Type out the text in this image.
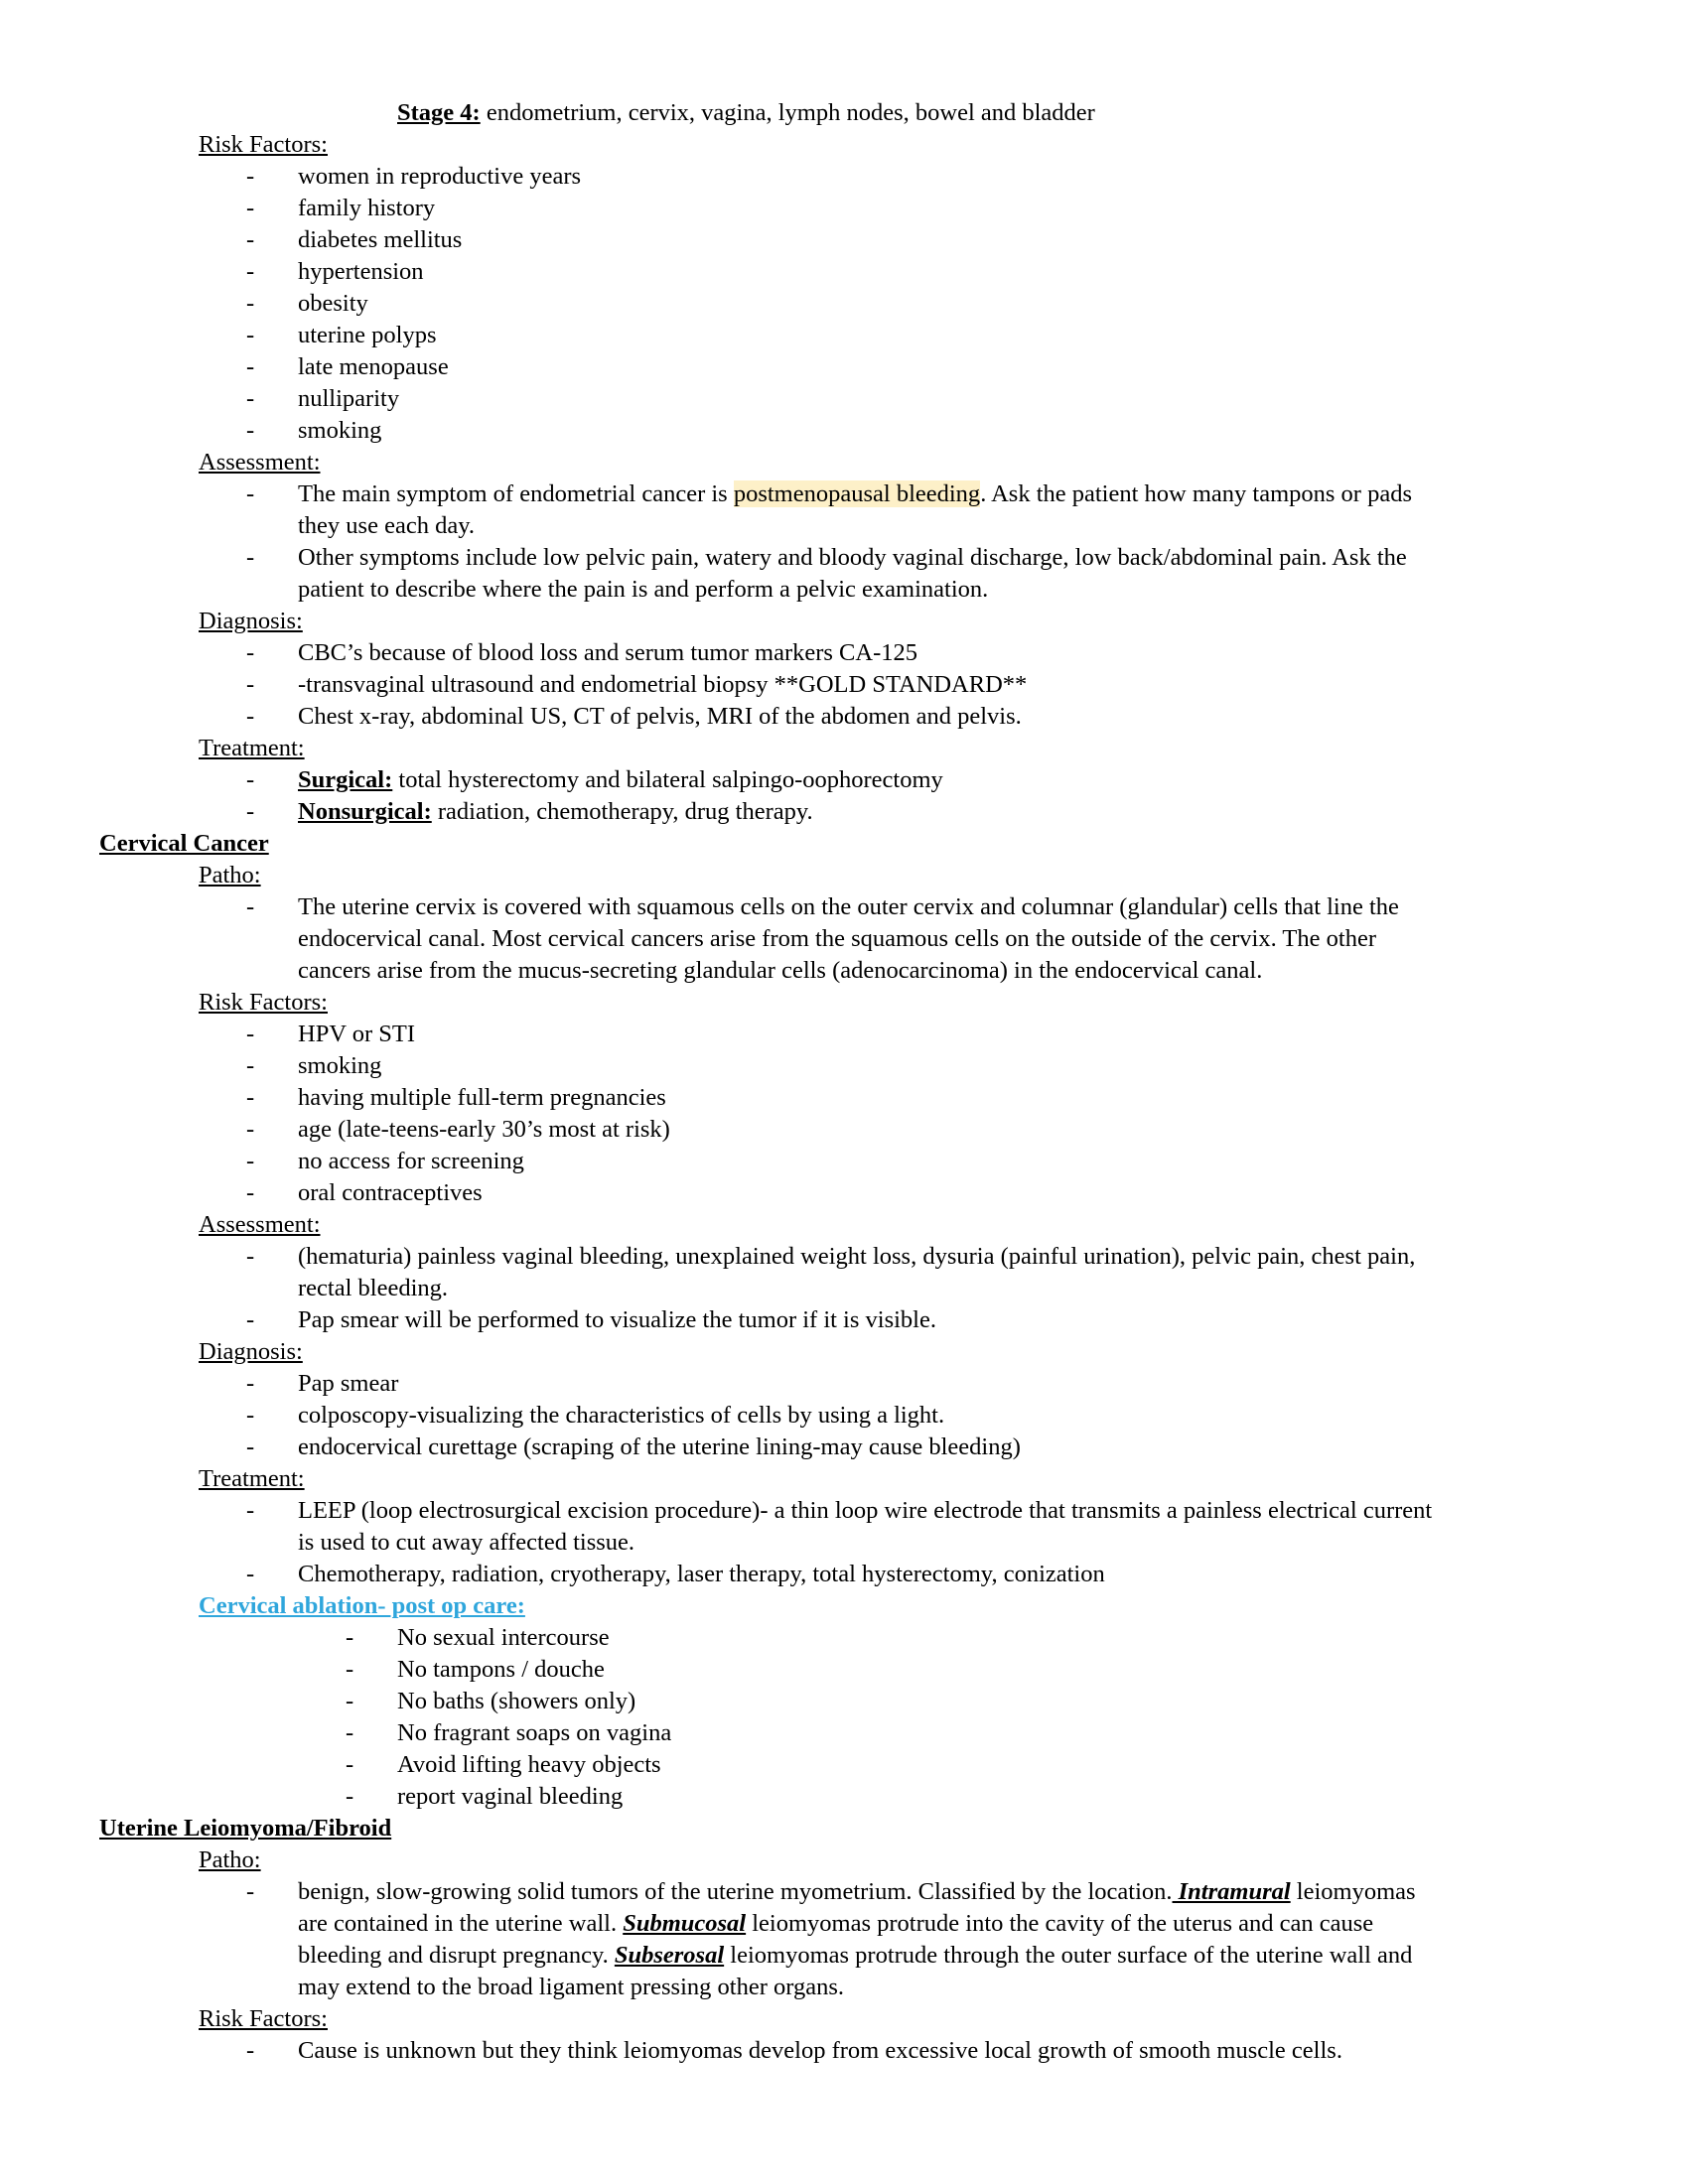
Stage 4: endometrium, cervix, vagina, lymph nodes, bowel and bladder
Risk Factors:
- women in reproductive years
- family history
- diabetes mellitus
- hypertension
- obesity
- uterine polyps
- late menopause
- nulliparity
- smoking
Assessment:
- The main symptom of endometrial cancer is postmenopausal bleeding. Ask the patient how many tampons or pads
they use each day.
- Other symptoms include low pelvic pain, watery and bloody vaginal discharge, low back/abdominal pain. Ask the
patient to describe where the pain is and perform a pelvic examination.
Diagnosis:
- CBC’s because of blood loss and serum tumor markers CA-125
- -transvaginal ultrasound and endometrial biopsy **GOLD STANDARD**
- Chest x-ray, abdominal US, CT of pelvis, MRI of the abdomen and pelvis.
Treatment:
- Surgical: total hysterectomy and bilateral salpingo-oophorectomy
- Nonsurgical: radiation, chemotherapy, drug therapy.
Cervical Cancer
Patho:
- The uterine cervix is covered with squamous cells on the outer cervix and columnar (glandular) cells that line the
endocervical canal. Most cervical cancers arise from the squamous cells on the outside of the cervix. The other
cancers arise from the mucus-secreting glandular cells (adenocarcinoma) in the endocervical canal.
Risk Factors:
- HPV or STI
- smoking
- having multiple full-term pregnancies
- age (late-teens-early 30’s most at risk)
- no access for screening
- oral contraceptives
Assessment:
- (hematuria) painless vaginal bleeding, unexplained weight loss, dysuria (painful urination), pelvic pain, chest pain,
rectal bleeding.
- Pap smear will be performed to visualize the tumor if it is visible.
Diagnosis:
- Pap smear
- colposcopy-visualizing the characteristics of cells by using a light.
- endocervical curettage (scraping of the uterine lining-may cause bleeding)
Treatment:
- LEEP (loop electrosurgical excision procedure)- a thin loop wire electrode that transmits a painless electrical current
is used to cut away affected tissue.
- Chemotherapy, radiation, cryotherapy, laser therapy, total hysterectomy, conization
Cervical ablation- post op care:
- No sexual intercourse
- No tampons / douche
- No baths (showers only)
- No fragrant soaps on vagina
- Avoid lifting heavy objects
- report vaginal bleeding
Uterine Leiomyoma/Fibroid
Patho:
- benign, slow-growing solid tumors of the uterine myometrium. Classified by the location. Intramural leiomyomas
are contained in the uterine wall. Submucosal leiomyomas protrude into the cavity of the uterus and can cause
bleeding and disrupt pregnancy. Subserosal leiomyomas protrude through the outer surface of the uterine wall and
may extend to the broad ligament pressing other organs.
Risk Factors:
- Cause is unknown but they think leiomyomas develop from excessive local growth of smooth muscle cells.
